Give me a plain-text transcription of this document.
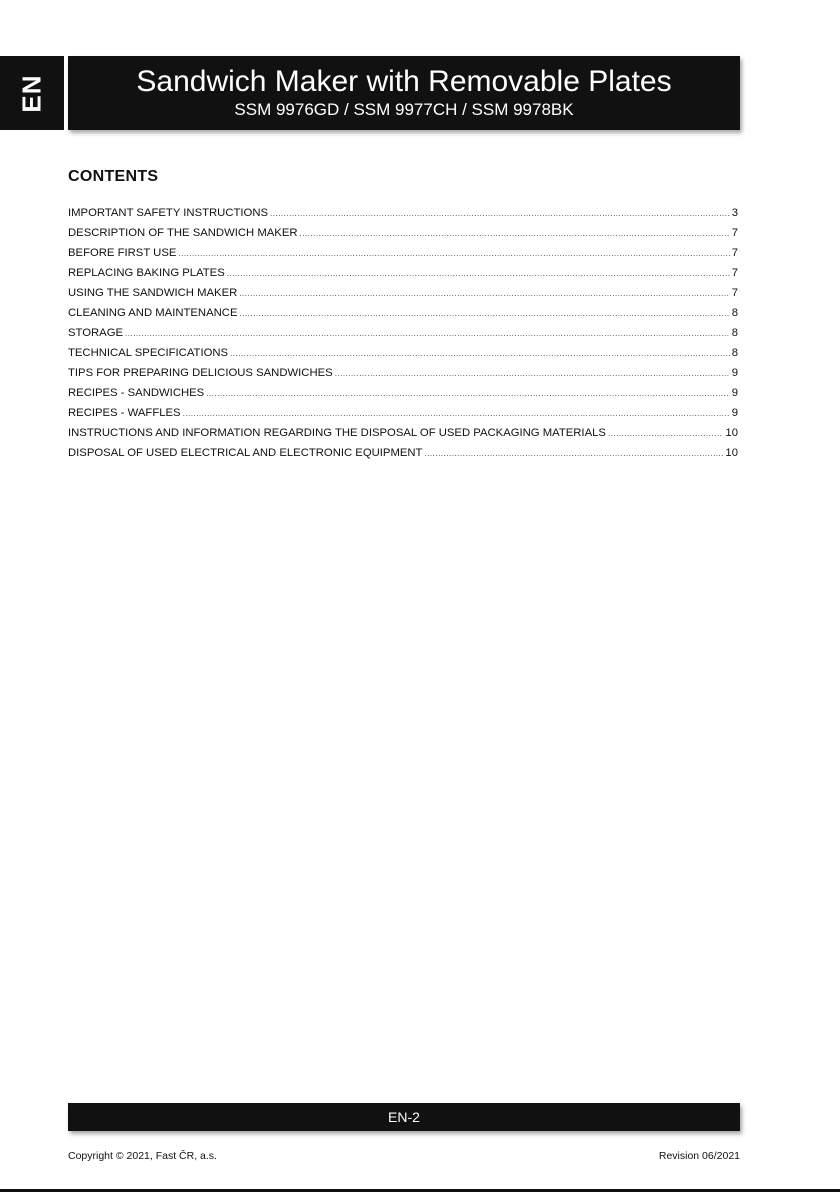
EN	Sandwich Maker with Removable Plates
SSM 9976GD / SSM 9977CH / SSM 9978BK
CONTENTS
IMPORTANT SAFETY INSTRUCTIONS .....	3
DESCRIPTION OF THE SANDWICH MAKER .....	7
BEFORE FIRST USE .....	7
REPLACING BAKING PLATES .....	7
USING THE SANDWICH MAKER .....	7
CLEANING AND MAINTENANCE .....	8
STORAGE .....	8
TECHNICAL SPECIFICATIONS .....	8
TIPS FOR PREPARING DELICIOUS SANDWICHES .....	9
RECIPES - SANDWICHES .....	9
RECIPES - WAFFLES .....	9
INSTRUCTIONS AND INFORMATION REGARDING THE DISPOSAL OF USED PACKAGING MATERIALS .....	10
DISPOSAL OF USED ELECTRICAL AND ELECTRONIC EQUIPMENT .....	10
EN-2
Copyright © 2021, Fast ČR, a.s.	Revision 06/2021
